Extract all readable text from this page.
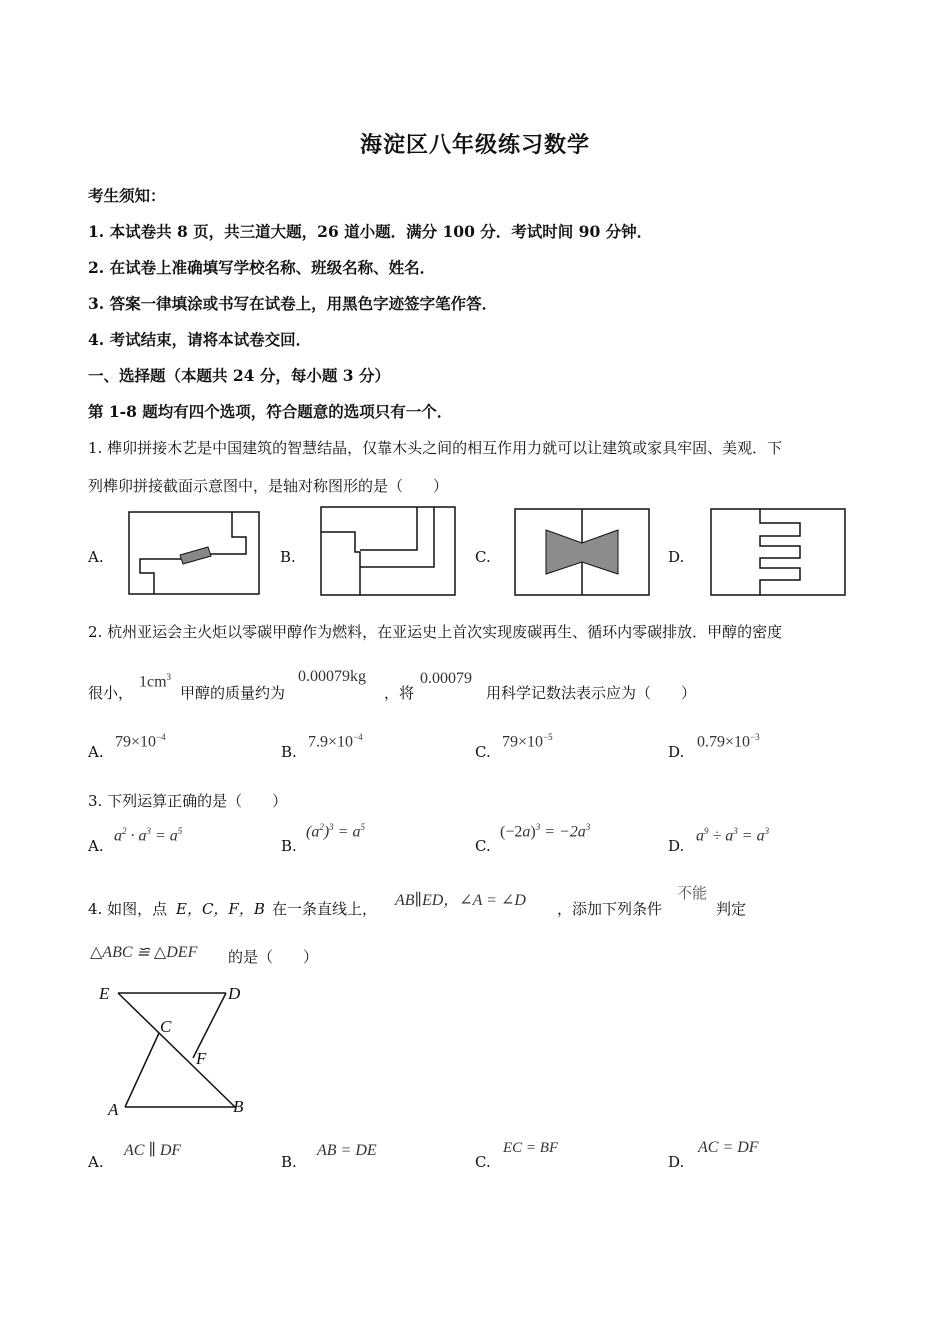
海淀区八年级练习数学
考生须知：
1. 本试卷共 8 页，共三道大题，26 道小题．满分 100 分．考试时间 90 分钟．
2. 在试卷上准确填写学校名称、班级名称、姓名．
3. 答案一律填涂或书写在试卷上，用黑色字迹签字笔作答．
4. 考试结束，请将本试卷交回．
一、选择题（本题共 24 分，每小题 3 分）
第 1-8 题均有四个选项，符合题意的选项只有一个．
1. 榫卯拼接木艺是中国建筑的智慧结晶，仅靠木头之间的相互作用力就可以让建筑或家具牢固、美观．下
列榫卯拼接截面示意图中，是轴对称图形的是（　　）
A.	B.	C.	D.
2. 杭州亚运会主火炬以零碳甲醇作为燃料，在亚运史上首次实现废碳再生、循环内零碳排放．甲醇的密度
很小，
$1cm^3$
甲醇的质量约为
0.00079kg
，将
0.00079
用科学记数法表示应为（　　）
A.
$79\times 10^{-4}$
B.
$7.9\times 10^{-4}$
C.
$79\times 10^{-5}$
D.
$0.79\times 10^{-3}$
3. 下列运算正确的是（　　）
A.
$a^2 \cdot a^3 = a^5$
B.
$(a^2)^3 = a^5$
C.
$(-2a)^3 = -2a^3$
D.
$a^9 \div a^3 = a^3$
4. 如图，点 E，C，F，B 在一条直线上， AB∥ED，∠A = ∠D ，添加下列条件
不能
判定
△ABC ≌ △DEF 的是（　　）
E	D
C
F
A	B
A.
AC ∥ DF
B.
AB = DE
C.
EC = BF
D.
AC = DF
